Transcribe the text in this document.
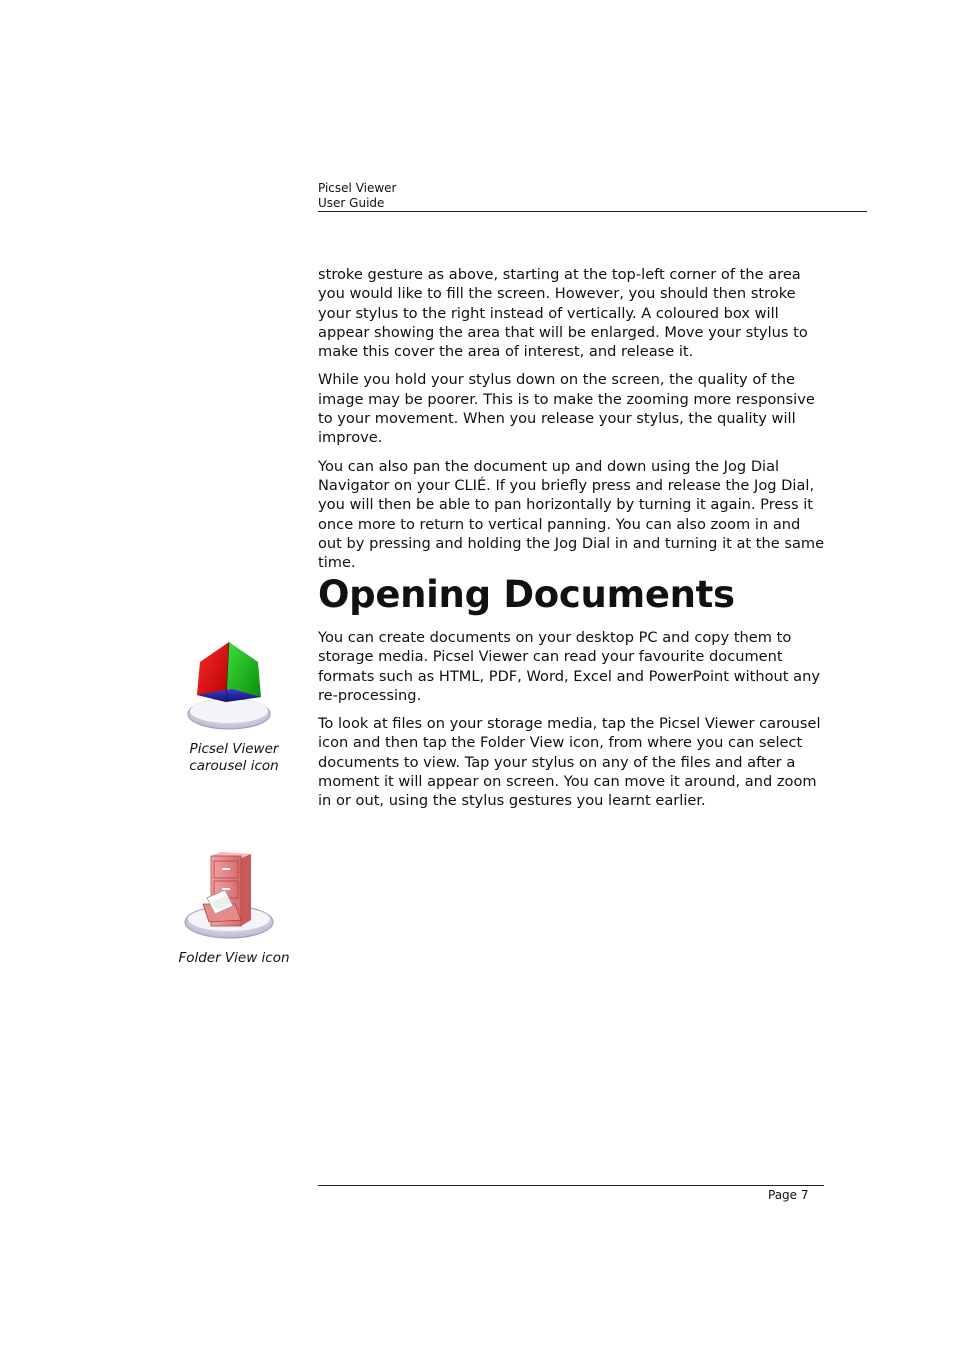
Picsel Viewer
User Guide

stroke gesture as above, starting at the top-left corner of the area you would like to fill the screen. However, you should then stroke your stylus to the right instead of vertically. A coloured box will appear showing the area that will be enlarged. Move your stylus to make this cover the area of interest, and release it.

While you hold your stylus down on the screen, the quality of the image may be poorer. This is to make the zooming more responsive to your movement. When you release your stylus, the quality will improve.

You can also pan the document up and down using the Jog Dial Navigator on your CLIÉ. If you briefly press and release the Jog Dial, you will then be able to pan horizontally by turning it again. Press it once more to return to vertical panning. You can also zoom in and out by pressing and holding the Jog Dial in and turning it at the same time.

Opening Documents

You can create documents on your desktop PC and copy them to storage media. Picsel Viewer can read your favourite document formats such as HTML, PDF, Word, Excel and PowerPoint without any re-processing.

To look at files on your storage media, tap the Picsel Viewer carousel icon and then tap the Folder View icon, from where you can select documents to view. Tap your stylus on any of the files and after a moment it will appear on screen. You can move it around, and zoom in or out, using the stylus gestures you learnt earlier.

Picsel Viewer
carousel icon
Folder View icon
Page 7
